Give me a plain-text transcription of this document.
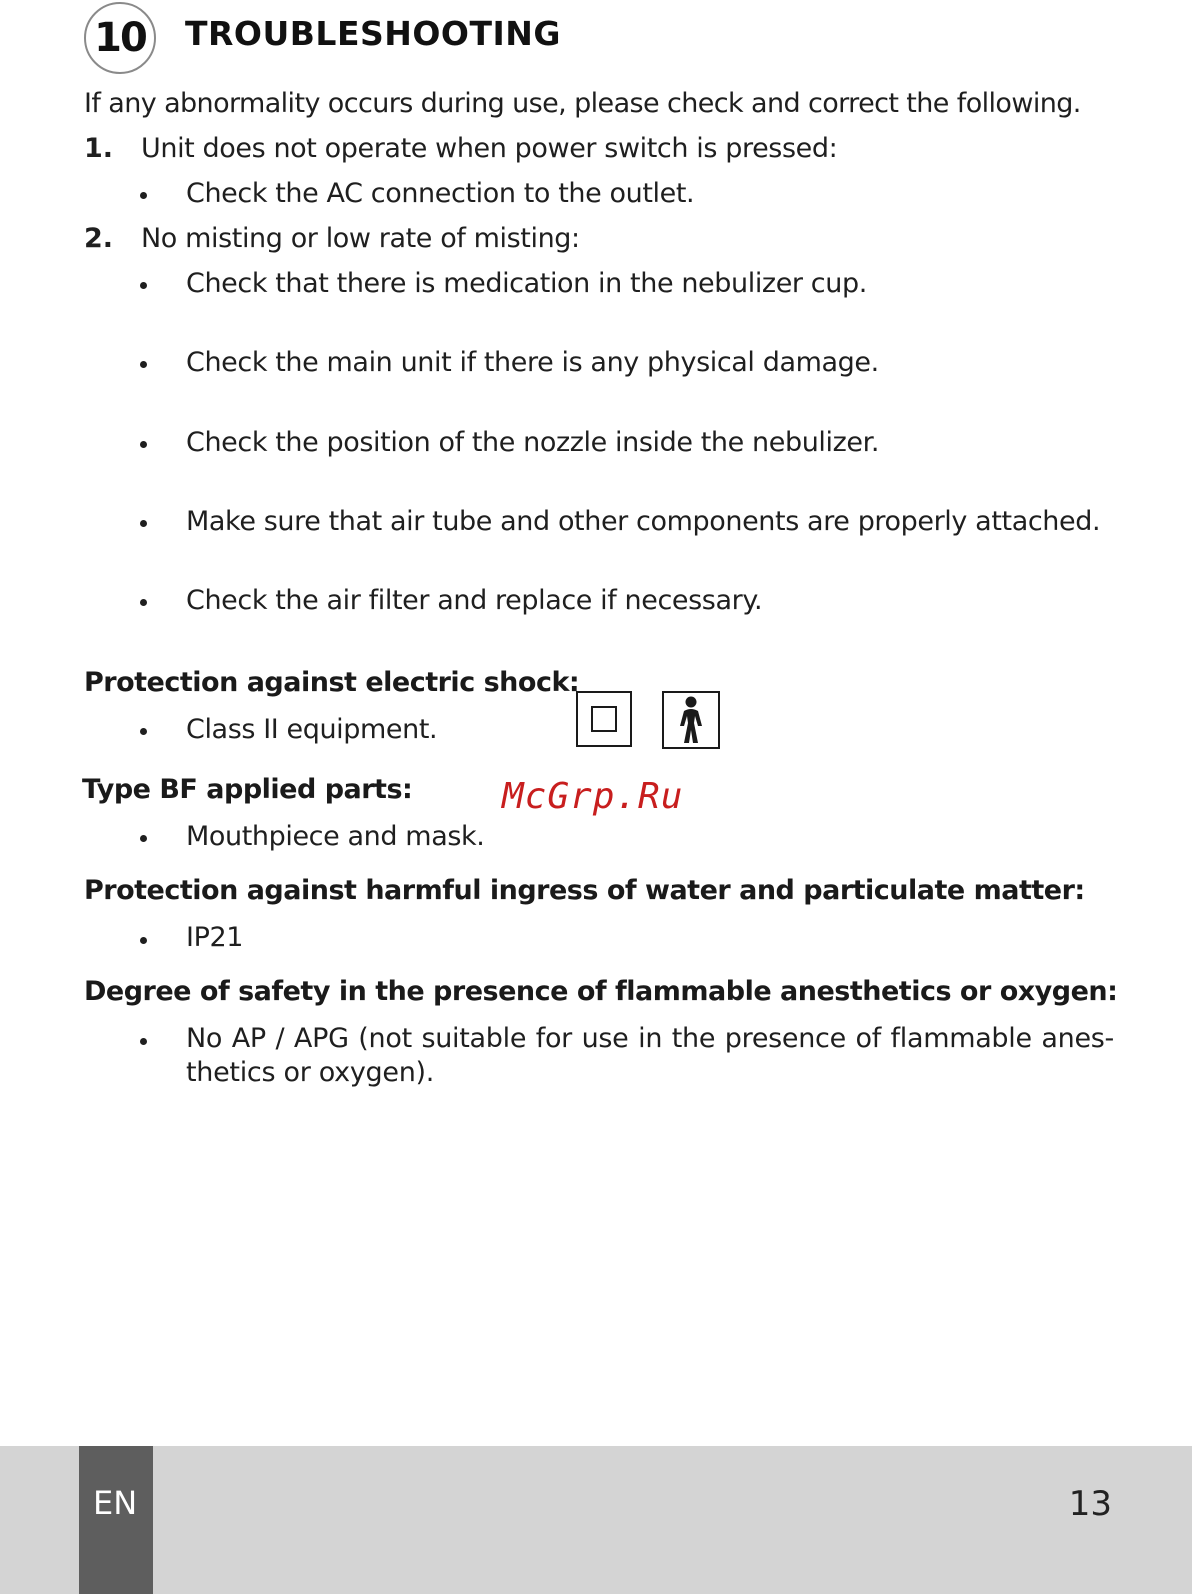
10	TROUBLESHOOTING
If any abnormality occurs during use, please check and correct the following.
1. Unit does not operate when power switch is pressed:
Check the AC connection to the outlet.
2. No misting or low rate of misting:
Check that there is medication in the nebulizer cup.
Check the main unit if there is any physical damage.
Check the position of the nozzle inside the nebulizer.
Make sure that air tube and other components are properly attached.
Check the air filter and replace if necessary.
Protection against electric shock:
Class II equipment.
Type BF applied parts: McGrp.Ru
Mouthpiece and mask.
Protection against harmful ingress of water and particulate matter:
IP21
Degree of safety in the presence of flammable anesthetics or oxygen:
No AP / APG (not suitable for use in the presence of flammable anes-thetics or oxygen).
EN	13
